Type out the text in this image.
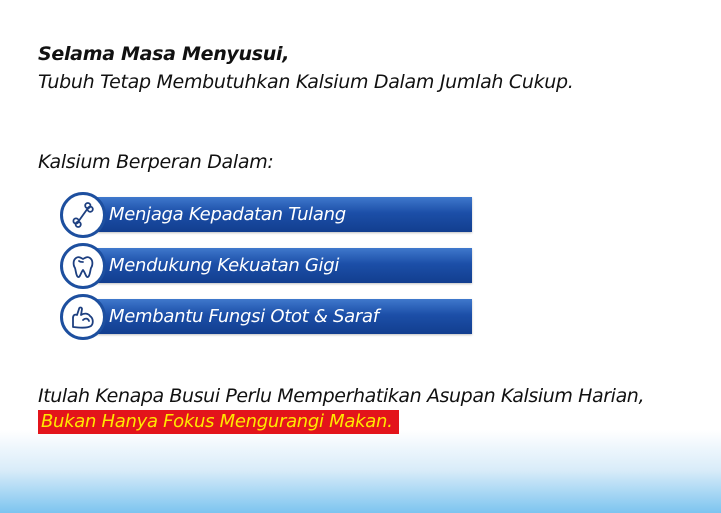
Selama Masa Menyusui,
Tubuh Tetap Membutuhkan Kalsium Dalam Jumlah Cukup.
Kalsium Berperan Dalam:
Menjaga Kepadatan Tulang
Mendukung Kekuatan Gigi
Membantu Fungsi Otot & Saraf
Itulah Kenapa Busui Perlu Memperhatikan Asupan Kalsium Harian,
Bukan Hanya Fokus Mengurangi Makan.
